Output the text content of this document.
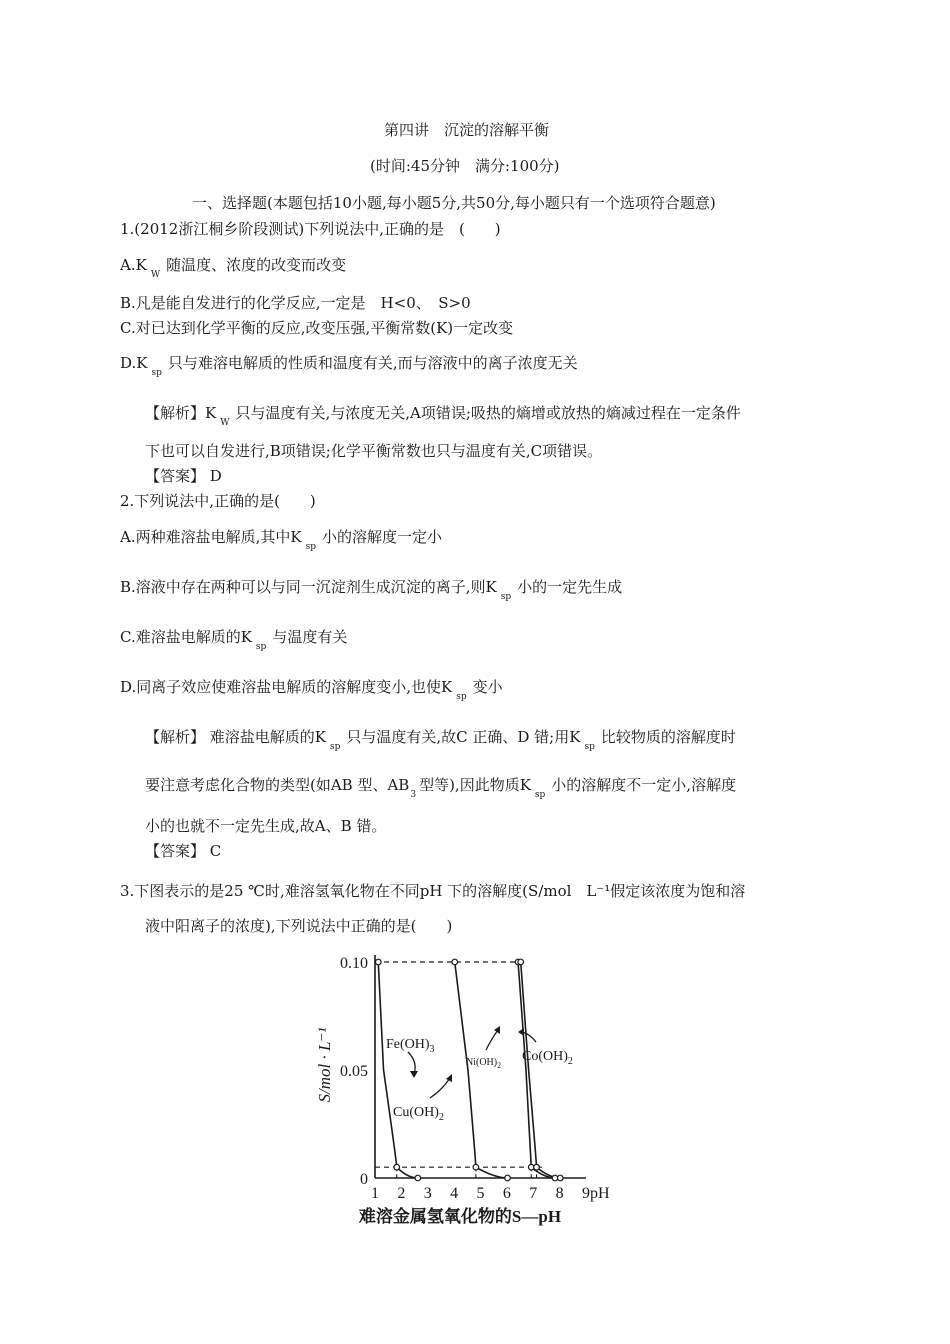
第四讲　沉淀的溶解平衡
(时间:45分钟　满分:100分)
一、选择题(本题包括10小题,每小题5分,共50分,每小题只有一个选项符合题意)
1.(2012浙江桐乡阶段测试)下列说法中,正确的是　(　　)
$A.K_W$随温度、浓度的改变而改变
B.凡是能自发进行的化学反应,一定是　H<0、　S>0
C.对已达到化学平衡的反应,改变压强,平衡常数(K)一定改变
$D.K_{sp}$只与难溶电解质的性质和温度有关,而与溶液中的离子浓度无关
【解析】$K_W$只与温度有关,与浓度无关,A项错误;吸热的熵增或放热的熵减过程在一定条件
下也可以自发进行,B项错误;化学平衡常数也只与温度有关,C项错误。
【答案】 D
2.下列说法中,正确的是(　　)
A.两种难溶盐电解质,其中$K_{sp}$小的溶解度一定小
B.溶液中存在两种可以与同一沉淀剂生成沉淀的离子,则$K_{sp}$小的一定先生成
C.难溶盐电解质的$K_{sp}$与温度有关
D.同离子效应使难溶盐电解质的溶解度变小,也使$K_{sp}$变小
【解析】 难溶盐电解质的$K_{sp}$只与温度有关,故C 正确、D 错;用$K_{sp}$比较物质的溶解度时
要注意考虑化合物的类型(如AB 型、$AB_3$型等),因此物质$K_{sp}$小的溶解度不一定小,溶解度
小的也就不一定先生成,故A、B 错。
【答案】 C
3.下图表示的是25 ℃时,难溶氢氧化物在不同pH 下的溶解度(S/mol　L⁻¹假定该浓度为饱和溶
液中阳离子的浓度),下列说法中正确的是(　　)
1 2 3 4 5 6 7 8 9
0
0.05
0.10
S/mol · L⁻¹
pH
难溶金属氢氧化物的S—pH
$Fe(OH)_3$
$Cu(OH)_2$
$Ni(OH)_2$
$Co(OH)_2$
